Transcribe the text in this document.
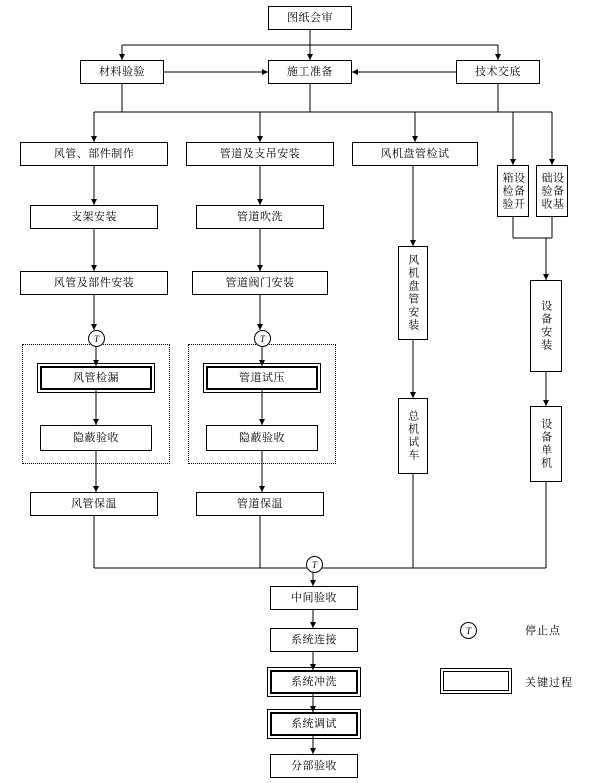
图纸会审
材料验验	施工准备	技术交底
风管、部件制作	管道及支吊安装	风机盘管检试
设备开箱检验	设备基础验收
支架安装	管道吹洗
风管及部件安装	管道阀门安装	风机盘管安装	设备安装
风管检漏	管道试压
隐蔽验收	隐蔽验收	总机试车	设备单机
风管保温	管道保温
中间验收
系统连接
系统冲洗
系统调试
分部验收
T	T
T
T	停止点
关键过程
